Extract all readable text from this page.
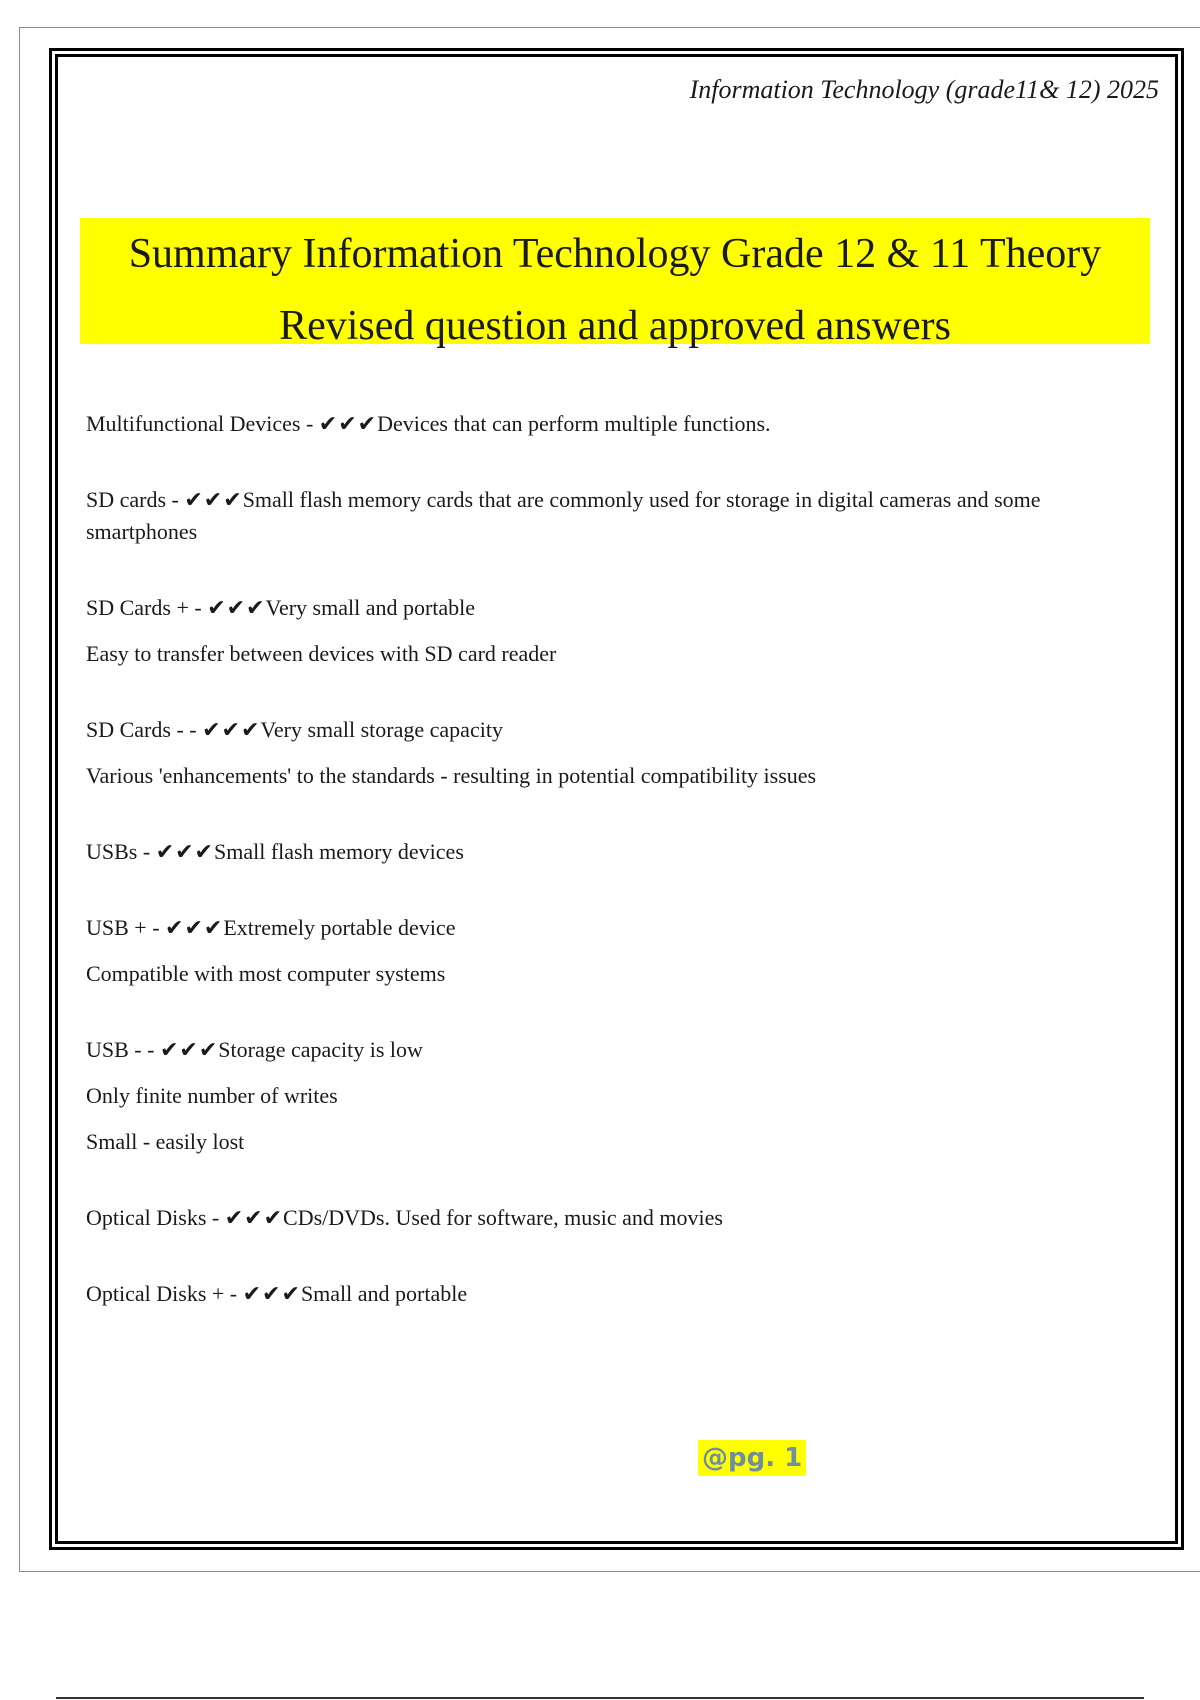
Information Technology (grade11& 12) 2025
Summary Information Technology Grade 12 & 11 Theory
Revised question and approved answers

Multifunctional Devices - ✔✔✔Devices that can perform multiple functions.

SD cards - ✔✔✔Small flash memory cards that are commonly used for storage in digital cameras and some smartphones

SD Cards + - ✔✔✔Very small and portable

Easy to transfer between devices with SD card reader

SD Cards - - ✔✔✔Very small storage capacity

Various 'enhancements' to the standards - resulting in potential compatibility issues

USBs - ✔✔✔Small flash memory devices

USB + - ✔✔✔Extremely portable device

Compatible with most computer systems

USB - - ✔✔✔Storage capacity is low

Only finite number of writes

Small - easily lost

Optical Disks - ✔✔✔CDs/DVDs. Used for software, music and movies

Optical Disks + - ✔✔✔Small and portable

@pg. 1
